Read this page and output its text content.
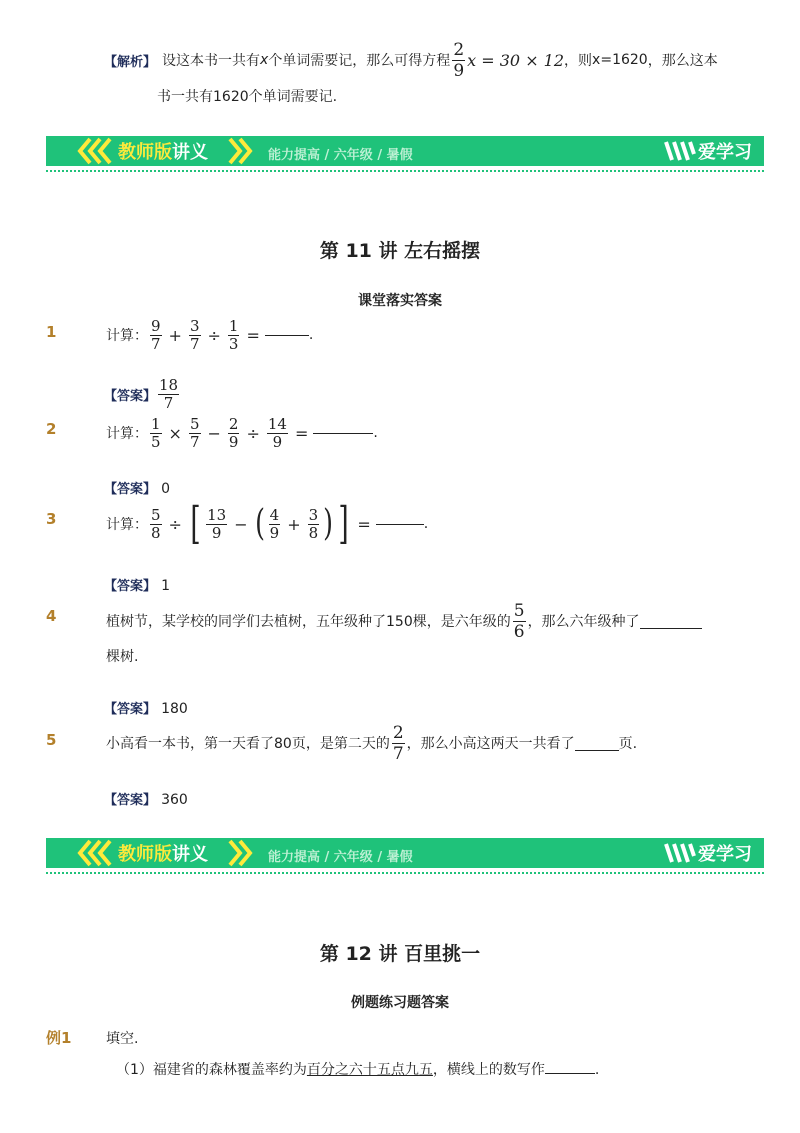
【解析】 设这本书一共有 x 个单词需要记，那么可得方程 $\frac{2}{9}$ x = 30 × 12 ，则 x=1620 ，那么这本
书一共有1620个单词需要记.
教师版讲义	能力提高 / 六年级 / 暑假	爱学习
第 11 讲 左右摇摆
课堂落实答案
1	计算： $\frac{9}{7} + \frac{3}{7} \div \frac{1}{3}$ =	.
【答案】 $\frac{18}{7}$
2	计算： $\frac{1}{5} \times \frac{5}{7} - \frac{2}{9} \div \frac{14}{9}$ =	.
【答案】 0
3	计算： $\frac{5}{8}$ ÷ [ $\frac{13}{9}$ − ( $\frac{4}{9} + \frac{3}{8}$ ) ] =	.
【答案】 1
4	植树节，某学校的同学们去植树，五年级种了150棵，是六年级的 $\frac{5}{6}$ ，那么六年级种了
棵树.
【答案】 180
5	小高看一本书，第一天看了80页，是第二天的 $\frac{2}{7}$ ，那么小高这两天一共看了	页.
【答案】 360
教师版讲义	能力提高 / 六年级 / 暑假	爱学习
第 12 讲 百里挑一
例题练习题答案
例1 填空.
（1）福建省的森林覆盖率约为百分之六十五点九五，横线上的数写作	.
